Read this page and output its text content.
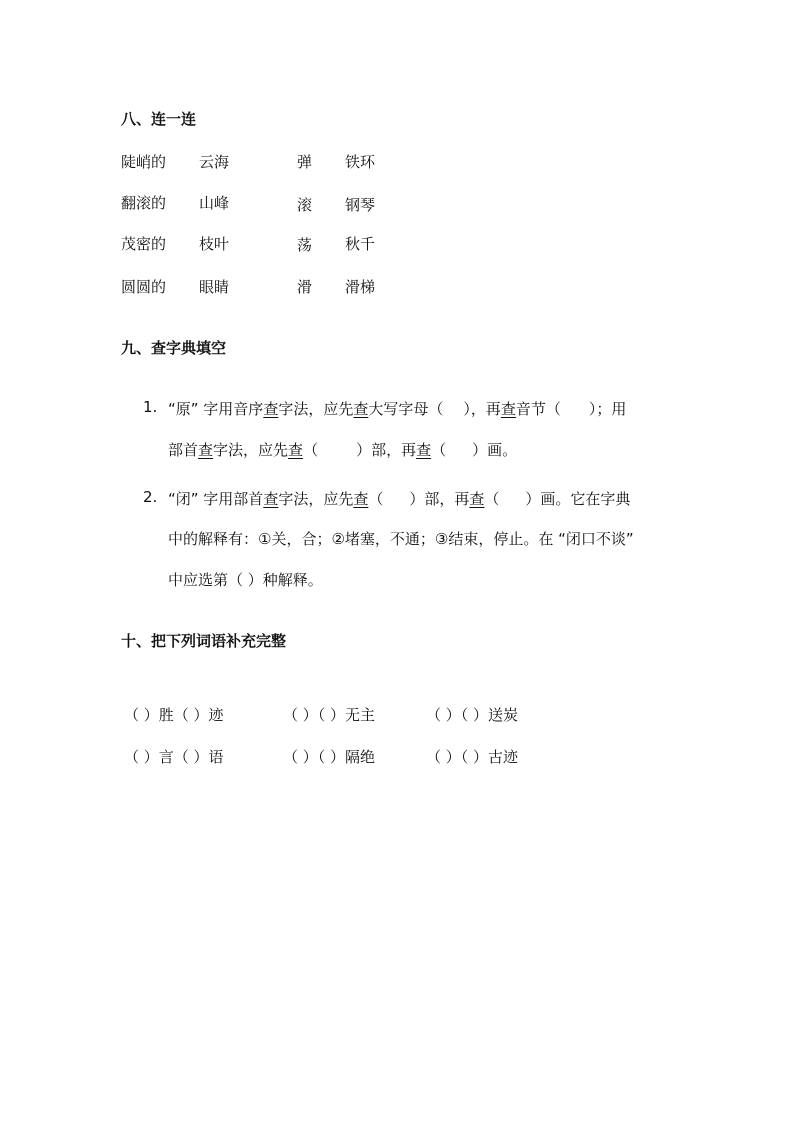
八、连一连
陡峭的 云海	弹 铁环
翻滚的 山峰	滚 钢琴
茂密的 枝叶	荡 秋千
圆圆的 眼睛	滑 滑梯
九、查字典填空
1. “原” 字用音序查字法，应先查大写字母（ ），再查音节（ ）；用
部首查字法，应先查（	）部，再查（ ）画。
2. “闭” 字用部首查字法，应先查（ ）部，再查（ ）画。它在字典
中的解释有：①关，合；②堵塞，不通；③结束，停止。在 “闭口不谈”
中应选第（ ）种解释。
十、把下列词语补充完整
（ ）胜（ ）迹	（ ）（ ）无主	（ ）（ ）送炭
（ ）言（ ）语	（ ）（ ）隔绝	（ ）（ ）古迹
